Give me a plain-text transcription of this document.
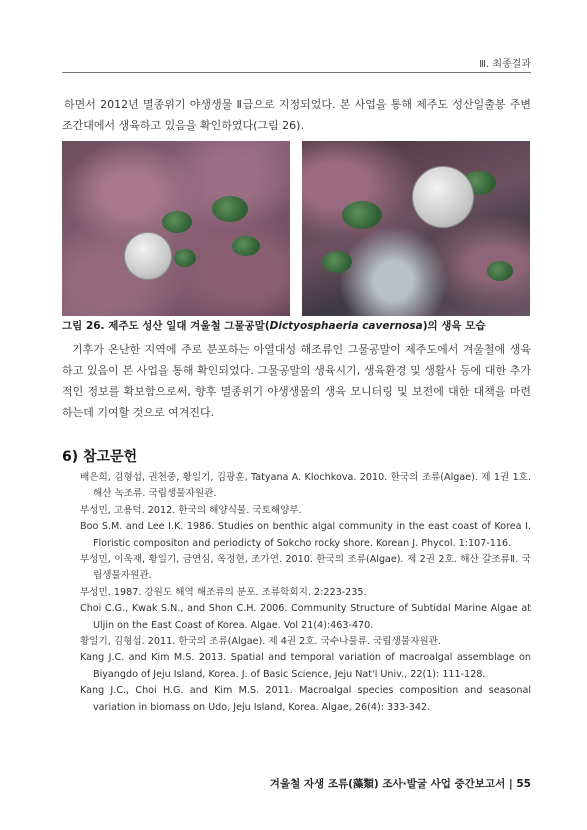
Ⅲ. 최종결과

하면서 2012년 멸종위기 야생생물 Ⅱ급으로 지정되었다. 본 사업을 통해 제주도 성산일출봉 주변 조간대에서 생육하고 있음을 확인하였다(그림 26).

그림 26. 제주도 성산 일대 겨울철 그물공말(Dictyosphaeria cavernosa)의 생육 모습

기후가 온난한 지역에 주로 분포하는 아열대성 해조류인 그물공말이 제주도에서 겨울철에 생육하고 있음이 본 사업을 통해 확인되었다. 그물공말의 생육시기, 생육환경 및 생활사 등에 대한 추가적인 정보를 확보함으로써, 향후 멸종위기 야생생물의 생육 모니터링 및 보전에 대한 대책을 마련하는데 기여할 것으로 여겨진다.

6) 참고문헌
배은희, 김형섭, 권천중, 황일기, 김광훈, Tatyana A. Klochkova. 2010. 한국의 조류(Algae). 제 1권 1호. 해산 녹조류. 국립생물자원관.
부성민, 고용덕. 2012. 한국의 해양식물. 국토해양부.
Boo S.M. and Lee I.K. 1986. Studies on benthic algal community in the east coast of Korea I. Floristic compositon and periodicty of Sokcho rocky shore. Korean J. Phycol. 1:107-116.
부성민, 이욱재, 황일기, 금연심, 옥정현, 조가연. 2010. 한국의 조류(Algae). 제 2권 2호. 해산 갈조류Ⅱ. 국립생물자원관.
부성민. 1987. 강원도 해역 해조류의 분포. 조류학회지. 2:223-235.
Choi C.G., Kwak S.N., and Shon C.H. 2006. Community Structure of Subtidal Marine Algae at Uljin on the East Coast of Korea. Algae. Vol 21(4):463-470.
황일기, 김형섭. 2011. 한국의 조류(Algae). 제 4권 2호. 국수나물류. 국립생물자원관.
Kang J.C. and Kim M.S. 2013. Spatial and temporal variation of macroalgal assemblage on Biyangdo of Jeju Island, Korea. J. of Basic Science, Jeju Nat'l Univ., 22(1): 111-128.
Kang J.C., Choi H.G. and Kim M.S. 2011. Macroalgal species composition and seasonal variation in biomass on Udo, Jeju Island, Korea. Algae, 26(4): 333-342.
겨울철 자생 조류(藻類) 조사·발굴 사업 중간보고서 | 55
